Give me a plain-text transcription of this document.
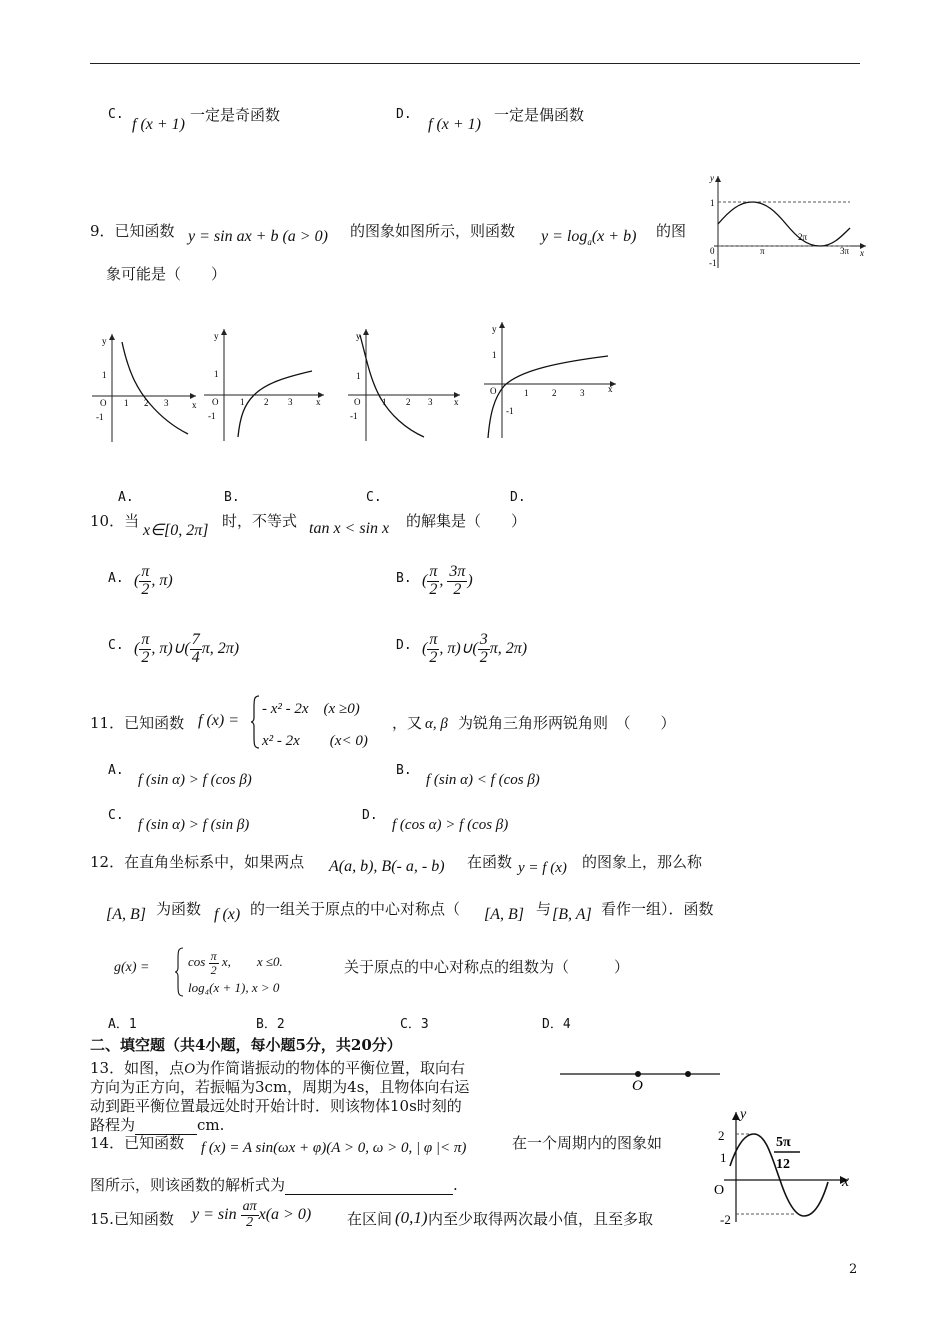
C.
f (x + 1)
一定是奇函数	D.
f (x + 1)
一定是偶函数
9．已知函数 y = sin ax + b (a > 0) 的图象如图所示，则函数 $y = \log_a(x + b)$ 的图
象可能是（　　）
y
x
1
0
-1
π
2π
3π
y
x
O
1
-1
1 2 3
y
x
O
1
-1
1 2 3
y
x
O
1
-1
1 2 3
y
x
O
1
-1
1	2	3
A.	B.	C.	D.
10．当
x∈[0, 2π]
时，不等式 tan x < sin x 的解集是（　　）
A. ( $\frac{\pi}{2}$ , π)	B. ( $\frac{\pi}{2}$ , $\frac{3\pi}{2}$ )
C. ( $\frac{\pi}{2}$ , π)∪( $\frac{7}{4} \pi$, 2π)	D. ( $\frac{\pi}{2}$ , π)∪( $\frac{3}{2} \pi$, 2π)
11．已知函数 f (x) =
- x² - 2x　(x ≥0)
x² - 2x　　(x< 0)
，又 α, β 为锐角三角形两锐角则　（　　）
A.
f (sin α) > f (cos β)
B.
f (sin α) < f (cos β)
C.
f (sin α) > f (sin β)
D.
f (cos α) > f (cos β)
12．在直角坐标系中，如果两点 A(a, b), B(- a, - b) 在函数 y = f (x) 的图象上，那么称
[A, B] 为函数 f (x) 的一组关于原点的中心对称点（ [A, B] 与 [B, A] 看作一组）．函数
g(x) =	$\cos \frac{\pi}{2} x$,　　x ≤0.
log₄(x + 1), x > 0
关于原点的中心对称点的组数为（　　　）
A．1	B．2	C．3	D．4
二、填空题（共4小题，每小题5分，共20分）
13．如图，点O为作简谐振动的物体的平衡位置，取向右
方向为正方向，若振幅为3cm，周期为4s，且物体向右运
动到距平衡位置最远处时开始计时．则该物体10s时刻的
路程为	cm.
O
14．已知函数 f (x) = A sin(ωx + φ)(A > 0, ω > 0, | φ |< π)	在一个周期内的图象如
图所示，则该函数的解析式为	.
y
x
2
1
O
-2
5π
12
15.已知函数 $y = \sin \frac{a\pi}{2} x(a > 0)$ 在区间 (0,1) 内至少取得两次最小值，且至多取
2
